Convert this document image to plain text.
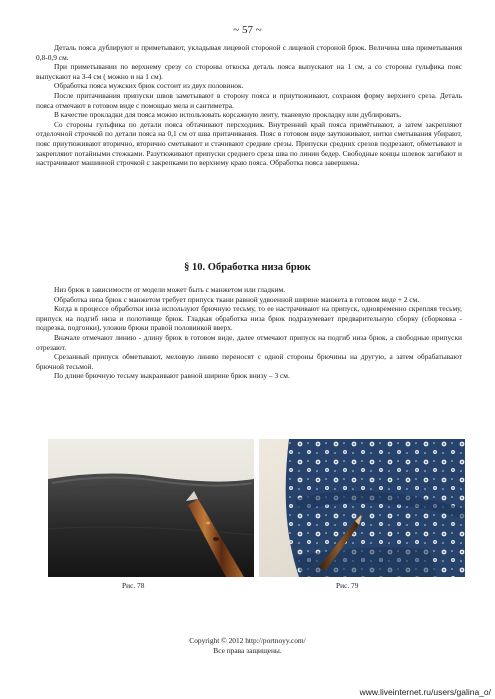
~ 57 ~

Деталь пояса дублируют и приметывают, укладывая лицевой стороной с лицевой стороной брюк. Величина шва приметывания 0,8-0,9 см.

При приметывании по верхнему срезу со стороны откоска деталь пояса выпускают на 1 см, а со стороны гульфика пояс выпускают на 3-4 см ( можно и на 1 см).

Обработка пояса мужских брюк состоит из двух половинок.

После притачивания припуски швов заметывают в сторону пояса и приутюживают, сохраняя форму верхнего среза. Деталь пояса отмечают в готовом виде с помощью мела и сантиметра.

В качестве прокладки для пояса можно использовать корсажную ленту, тканевую прокладку или дублировать.

Со стороны гульфика по детали пояса обтачивают персходник. Внутренний край пояса примётывают, а затем закрепляют отделочной строчкой по детали пояса на 0,1 см от шва притачивания. Пояс в готовом виде заутюживают, нитки сметывания убирают, пояс приутюживают вторично, вторично сметывают и стачивают средние срезы. Припуски средних срезов подрезают, обметывают и закрепляют потайными стежками. Разутюживают припуски среднего среза шва по линии бедер. Свободные концы шлевок загибают и настрачивают машинной строчкой с закрепками по верхнему краю пояса. Обработка пояса завершена.

§ 10. Обработка низа брюк

Низ брюк в зависимости от модели может быть с манжетом или гладким.

Обработка низа брюк с манжетом требует припуск ткани равной удвоенной ширине манжета в готовом виде + 2 см.

Когда в процессе обработки низа используют брючную тесьму, то ее настрачивают на припуск, одновременно скрепляя тесьму, припуск на подгиб низа и полотнище брюк. Гладкая обработка низа брюк подразумевает предварительную сборку (сборковка - подрезка, подгонки), уложив брюки правой половинкой вверх.

Вначале отмечают линию - длину брюк в готовом виде, далее отмечают припуск на подгиб низа брюк, а свободные припуски отрезают.

Срезанный припуск обметывают, меловую линию переносят с одной стороны брючины на другую, а затем обрабатывают брючной тесьмой.

По длине брючную тесьму выкраивают равной ширине брюк внизу – 3 см.

Рис. 78	Рис. 79
Copyright © 2012 http://portnoyy.com/
Все права защищены.
www.liveinternet.ru/users/galina_o/
